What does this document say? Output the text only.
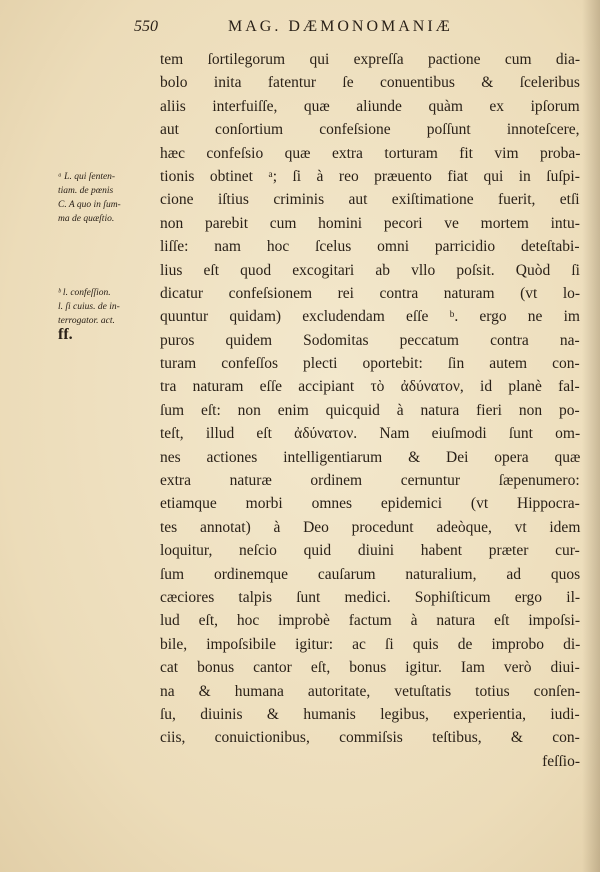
550	MAG. DÆMONOMANIÆ
ᵃ L. qui ſenten-
tiam. de pœnis
C. A quo in ſum-
ma de quæſtio.
ᵇ l. confeſſion.
l. ſi cuius. de in-
terrogator. act.
ff.
tem ſortilegorum qui expreſſa pactione cum dia-
bolo inita fatentur ſe conuentibus & ſceleribus
aliis interfuiſſe, quæ aliunde quàm ex ipſorum
aut conſortium confeſsione poſſunt innoteſcere,
hæc confeſsio quæ extra torturam fit vim proba-
tionis obtinet ᵃ; ſi à reo præuento fiat qui in ſuſpi-
cione iſtius criminis aut exiſtimatione fuerit, etſi
non parebit cum homini pecori ve mortem intu-
liſſe: nam hoc ſcelus omni parricidio deteſtabi-
lius eſt quod excogitari ab vllo poſsit. Quòd ſi
dicatur confeſsionem rei contra naturam (vt lo-
quuntur quidam) excludendam eſſe ᵇ. ergo ne im
puros quidem Sodomitas peccatum contra na-
turam confeſſos plecti oportebit: ſin autem con-
tra naturam eſſe accipiant τὸ ἀδύνατον, id planè fal-
ſum eſt: non enim quicquid à natura fieri non po-
teſt, illud eſt ἀδύνατον. Nam eiuſmodi ſunt om-
nes actiones intelligentiarum & Dei opera quæ
extra naturæ ordinem cernuntur ſæpenumero:
etiamque morbi omnes epidemici (vt Hippocra-
tes annotat) à Deo procedunt adeòque, vt idem
loquitur, neſcio quid diuini habent præter cur-
ſum ordinemque cauſarum naturalium, ad quos
cæciores talpis ſunt medici. Sophiſticum ergo il-
lud eſt, hoc improbè factum à natura eſt impoſsi-
bile, impoſsibile igitur: ac ſi quis de improbo di-
cat bonus cantor eſt, bonus igitur. Iam verò diui-
na & humana autoritate, vetuſtatis totius conſen-
ſu, diuinis & humanis legibus, experientia, iudi-
ciis, conuictionibus, commiſsis teſtibus, & con-
feſſio-
